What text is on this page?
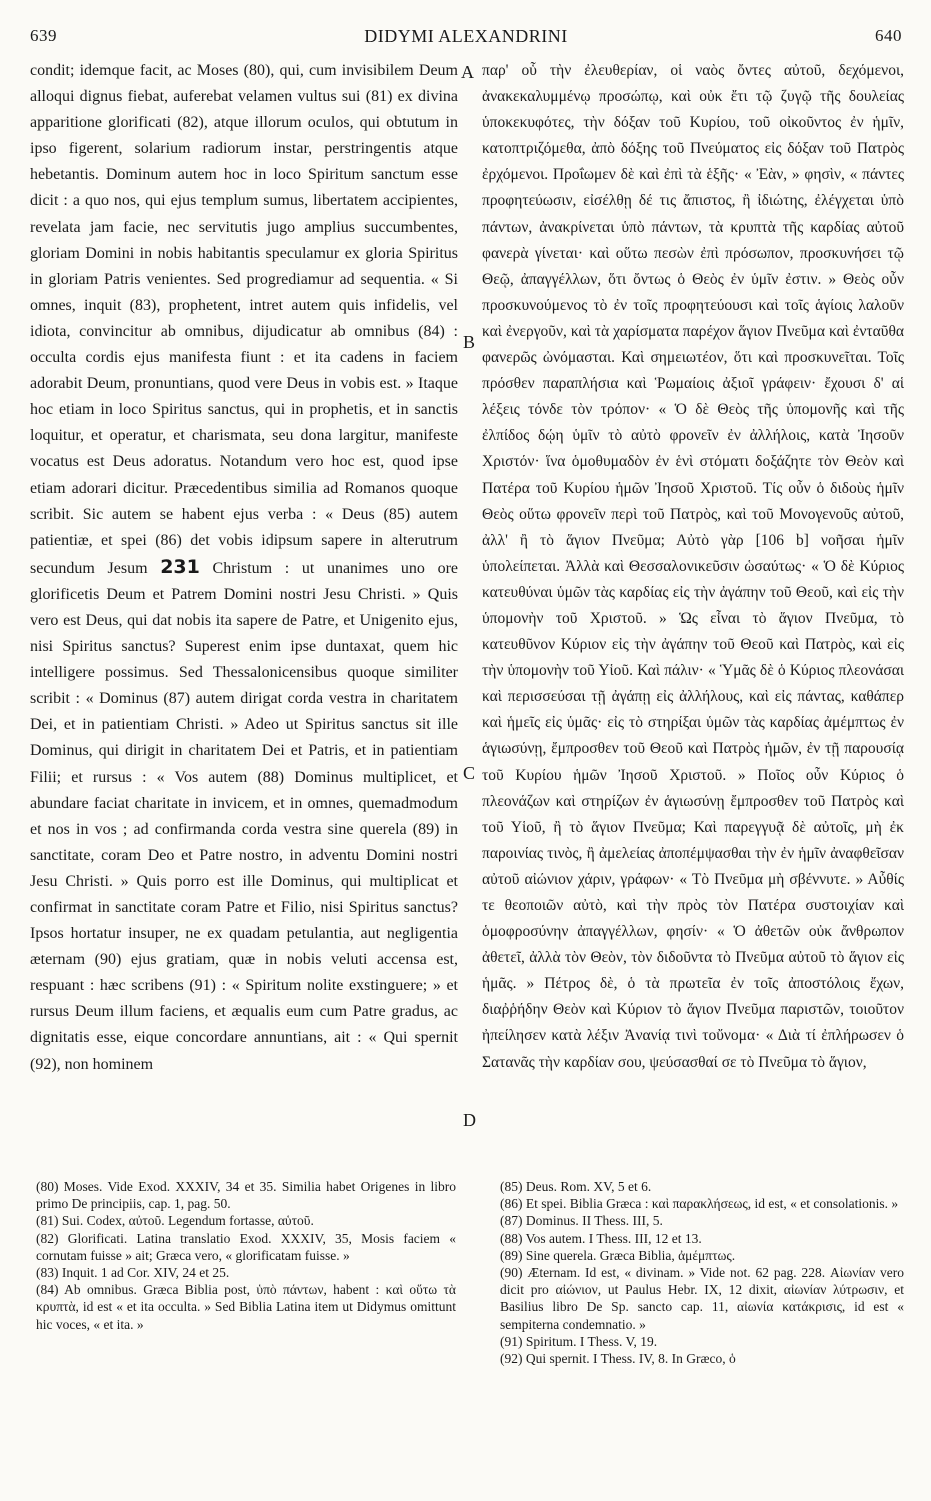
639	DIDYMI ALEXANDRINI	640

condit; idemque facit, ac Moses (80), qui, cum invisibilem Deum alloqui dignus fiebat, auferebat velamen vultus sui (81) ex divina apparitione glorificati (82), atque illorum oculos, qui obtutum in ipso figerent, solarium radiorum instar, perstringentis atque hebetantis. Dominum autem hoc in loco Spiritum sanctum esse dicit : a quo nos, qui ejus templum sumus, libertatem accipientes, revelata jam facie, nec servitutis jugo amplius succumbentes, gloriam Domini in nobis habitantis speculamur ex gloria Spiritus in gloriam Patris venientes. Sed progrediamur ad sequentia. « Si omnes, inquit (83), prophetent, intret autem quis infidelis, vel idiota, convincitur ab omnibus, dijudicatur ab omnibus (84) : occulta cordis ejus manifesta fiunt : et ita cadens in faciem adorabit Deum, pronuntians, quod vere Deus in vobis est. » Itaque hoc etiam in loco Spiritus sanctus, qui in prophetis, et in sanctis loquitur, et operatur, et charismata, seu dona largitur, manifeste vocatus est Deus adoratus. Notandum vero hoc est, quod ipse etiam adorari dicitur. Præcedentibus similia ad Romanos quoque scribit. Sic autem se habent ejus verba : « Deus (85) autem patientiæ, et spei (86) det vobis idipsum sapere in alterutrum secundum Jesum 231 Christum : ut unanimes uno ore glorificetis Deum et Patrem Domini nostri Jesu Christi. » Quis vero est Deus, qui dat nobis ita sapere de Patre, et Unigenito ejus, nisi Spiritus sanctus? Superest enim ipse duntaxat, quem hic intelligere possimus. Sed Thessalonicensibus quoque similiter scribit : « Dominus (87) autem dirigat corda vestra in charitatem Dei, et in patientiam Christi. » Adeo ut Spiritus sanctus sit ille Dominus, qui dirigit in charitatem Dei et Patris, et in patientiam Filii; et rursus : « Vos autem (88) Dominus multiplicet, et abundare faciat charitate in invicem, et in omnes, quemadmodum et nos in vos ; ad confirmanda corda vestra sine querela (89) in sanctitate, coram Deo et Patre nostro, in adventu Domini nostri Jesu Christi. » Quis porro est ille Dominus, qui multiplicat et confirmat in sanctitate coram Patre et Filio, nisi Spiritus sanctus? Ipsos hortatur insuper, ne ex quadam petulantia, aut negligentia æternam (90) ejus gratiam, quæ in nobis veluti accensa est, respuant : hæc scribens (91) : « Spiritum nolite exstinguere; » et rursus Deum illum faciens, et æqualis eum cum Patre gradus, ac dignitatis esse, eique concordare annuntians, ait : « Qui spernit (92), non hominem

A
B
C
D

παρ' οὗ τὴν ἐλευθερίαν, οἱ ναὸς ὄντες αὐτοῦ, δεχόμενοι, ἀνακεκαλυμμένῳ προσώπῳ, καὶ οὐκ ἔτι τῷ ζυγῷ τῆς δουλείας ὑποκεκυφότες, τὴν δόξαν τοῦ Κυρίου, τοῦ οἰκοῦντος ἐν ἡμῖν, κατοπτριζόμεθα, ἀπὸ δόξης τοῦ Πνεύματος εἰς δόξαν τοῦ Πατρὸς ἐρχόμενοι. Προΐωμεν δὲ καὶ ἐπὶ τὰ ἑξῆς· « Ἐὰν, » φησὶν, « πάντες προφητεύωσιν, εἰσέλθῃ δέ τις ἄπιστος, ἢ ἰδιώτης, ἐλέγχεται ὑπὸ πάντων, ἀνακρίνεται ὑπὸ πάντων, τὰ κρυπτὰ τῆς καρδίας αὐτοῦ φανερὰ γίνεται· καὶ οὕτω πεσὼν ἐπὶ πρόσωπον, προσκυνήσει τῷ Θεῷ, ἀπαγγέλλων, ὅτι ὄντως ὁ Θεὸς ἐν ὑμῖν ἐστιν. » Θεὸς οὖν προσκυνούμενος τὸ ἐν τοῖς προφητεύουσι καὶ τοῖς ἁγίοις λαλοῦν καὶ ἐνεργοῦν, καὶ τὰ χαρίσματα παρέχον ἅγιον Πνεῦμα καὶ ἐνταῦθα φανερῶς ὠνόμασται. Καὶ σημειωτέον, ὅτι καὶ προσκυνεῖται. Τοῖς πρόσθεν παραπλήσια καὶ Ῥωμαίοις ἀξιοῖ γράφειν· ἔχουσι δ' αἱ λέξεις τόνδε τὸν τρόπον· « Ὁ δὲ Θεὸς τῆς ὑπομονῆς καὶ τῆς ἐλπίδος δῴη ὑμῖν τὸ αὐτὸ φρονεῖν ἐν ἀλλήλοις, κατὰ Ἰησοῦν Χριστόν· ἵνα ὁμοθυμαδὸν ἐν ἑνὶ στόματι δοξάζητε τὸν Θεὸν καὶ Πατέρα τοῦ Κυρίου ἡμῶν Ἰησοῦ Χριστοῦ. Τίς οὖν ὁ διδοὺς ἡμῖν Θεὸς οὕτω φρονεῖν περὶ τοῦ Πατρὸς, καὶ τοῦ Μονογενοῦς αὐτοῦ, ἀλλ' ἢ τὸ ἅγιον Πνεῦμα; Αὐτὸ γὰρ [106 b] νοῆσαι ἡμῖν ὑπολείπεται. Ἀλλὰ καὶ Θεσσαλονικεῦσιν ὡσαύτως· « Ὁ δὲ Κύριος κατευθύναι ὑμῶν τὰς καρδίας εἰς τὴν ἀγάπην τοῦ Θεοῦ, καὶ εἰς τὴν ὑπομονὴν τοῦ Χριστοῦ. » Ὡς εἶναι τὸ ἅγιον Πνεῦμα, τὸ κατευθῦνον Κύριον εἰς τὴν ἀγάπην τοῦ Θεοῦ καὶ Πατρὸς, καὶ εἰς τὴν ὑπομονὴν τοῦ Υἱοῦ. Καὶ πάλιν· « Ὑμᾶς δὲ ὁ Κύριος πλεονάσαι καὶ περισσεύσαι τῇ ἀγάπῃ εἰς ἀλλήλους, καὶ εἰς πάντας, καθάπερ καὶ ἡμεῖς εἰς ὑμᾶς· εἰς τὸ στηρίξαι ὑμῶν τὰς καρδίας ἀμέμπτως ἐν ἁγιωσύνῃ, ἔμπροσθεν τοῦ Θεοῦ καὶ Πατρὸς ἡμῶν, ἐν τῇ παρουσίᾳ τοῦ Κυρίου ἡμῶν Ἰησοῦ Χριστοῦ. » Ποῖος οὖν Κύριος ὁ πλεονάζων καὶ στηρίζων ἐν ἁγιωσύνῃ ἔμπροσθεν τοῦ Πατρὸς καὶ τοῦ Υἱοῦ, ἢ τὸ ἅγιον Πνεῦμα; Καὶ παρεγγυᾷ δὲ αὐτοῖς, μὴ ἐκ παροινίας τινὸς, ἢ ἀμελείας ἀποπέμψασθαι τὴν ἐν ἡμῖν ἀναφθεῖσαν αὐτοῦ αἰώνιον χάριν, γράφων· « Τὸ Πνεῦμα μὴ σβέννυτε. » Αὖθίς τε θεοποιῶν αὐτὸ, καὶ τὴν πρὸς τὸν Πατέρα συστοιχίαν καὶ ὁμοφροσύνην ἀπαγγέλλων, φησίν· « Ὁ ἀθετῶν οὐκ ἄνθρωπον ἀθετεῖ, ἀλλὰ τὸν Θεὸν, τὸν διδοῦντα τὸ Πνεῦμα αὐτοῦ τὸ ἅγιον εἰς ἡμᾶς. » Πέτρος δὲ, ὁ τὰ πρωτεῖα ἐν τοῖς ἀποστόλοις ἔχων, διαῤῥήδην Θεὸν καὶ Κύριον τὸ ἅγιον Πνεῦμα παριστῶν, τοιοῦτον ἠπείλησεν κατὰ λέξιν Ἀνανίᾳ τινὶ τοὔνομα· « Διὰ τί ἐπλήρωσεν ὁ Σατανᾶς τὴν καρδίαν σου, ψεύσασθαί σε τὸ Πνεῦμα τὸ ἅγιον,

(80) Moses. Vide Exod. XXXIV, 34 et 35. Similia habet Origenes in libro primo De principiis, cap. 1, pag. 50.

(81) Sui. Codex, αὐτοῦ. Legendum fortasse, αὑτοῦ.

(82) Glorificati. Latina translatio Exod. XXXIV, 35, Mosis faciem « cornutam fuisse » ait; Græca vero, « glorificatam fuisse. »

(83) Inquit. 1 ad Cor. XIV, 24 et 25.

(84) Ab omnibus. Græca Biblia post, ὑπὸ πάντων, habent : καὶ οὕτω τὰ κρυπτὰ, id est « et ita occulta. » Sed Biblia Latina item ut Didymus omittunt hic voces, « et ita. »

(85) Deus. Rom. XV, 5 et 6.

(86) Et spei. Biblia Græca : καὶ παρακλήσεως, id est, « et consolationis. »

(87) Dominus. II Thess. III, 5.

(88) Vos autem. I Thess. III, 12 et 13.

(89) Sine querela. Græca Biblia, ἀμέμπτως.

(90) Æternam. Id est, « divinam. » Vide not. 62 pag. 228. Αἰωνίαν vero dicit pro αἰώνιον, ut Paulus Hebr. IX, 12 dixit, αἰωνίαν λύτρωσιν, et Basilius libro De Sp. sancto cap. 11, αἰωνία κατάκρισις, id est « sempiterna condemnatio. »

(91) Spiritum. I Thess. V, 19.

(92) Qui spernit. I Thess. IV, 8. In Græco, ὁ
